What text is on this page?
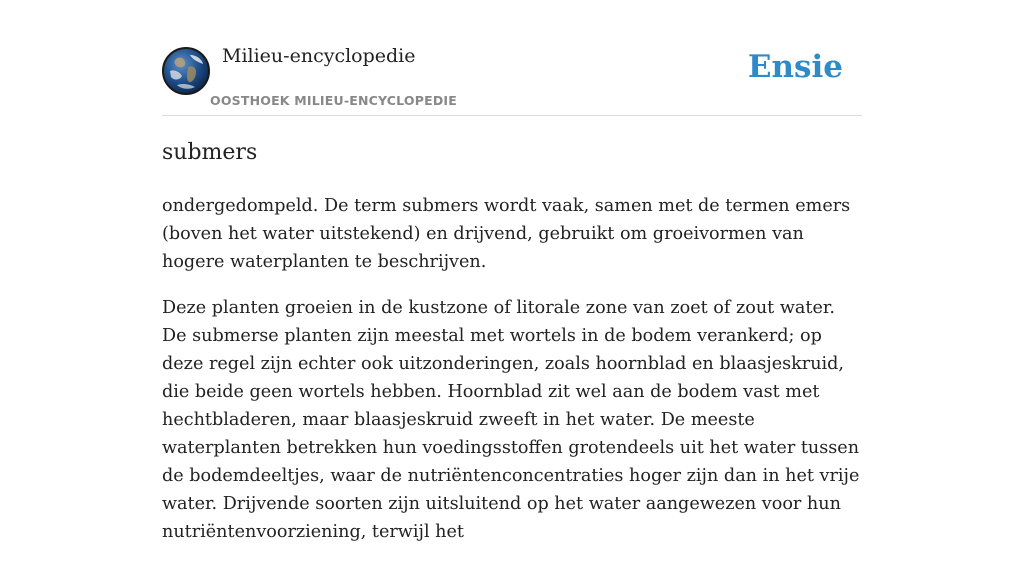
Milieu-encyclopedie
OOSTHOEK MILIEU-ENCYCLOPEDIE
Ensie
submers

ondergedompeld. De term submers wordt vaak, samen met de termen emers (boven het water uitstekend) en drijvend, gebruikt om groeivormen van hogere waterplanten te beschrijven.

Deze planten groeien in de kustzone of litorale zone van zoet of zout water. De submerse planten zijn meestal met wortels in de bodem verankerd; op deze regel zijn echter ook uitzonderingen, zoals hoornblad en blaasjeskruid, die beide geen wortels hebben. Hoornblad zit wel aan de bodem vast met hechtbladeren, maar blaasjeskruid zweeft in het water. De meeste waterplanten betrekken hun voedingsstoffen grotendeels uit het water tussen de bodemdeeltjes, waar de nutriëntenconcentraties hoger zijn dan in het vrije water. Drijvende soorten zijn uitsluitend op het water aangewezen voor hun nutriëntenvoorziening, terwijl het
